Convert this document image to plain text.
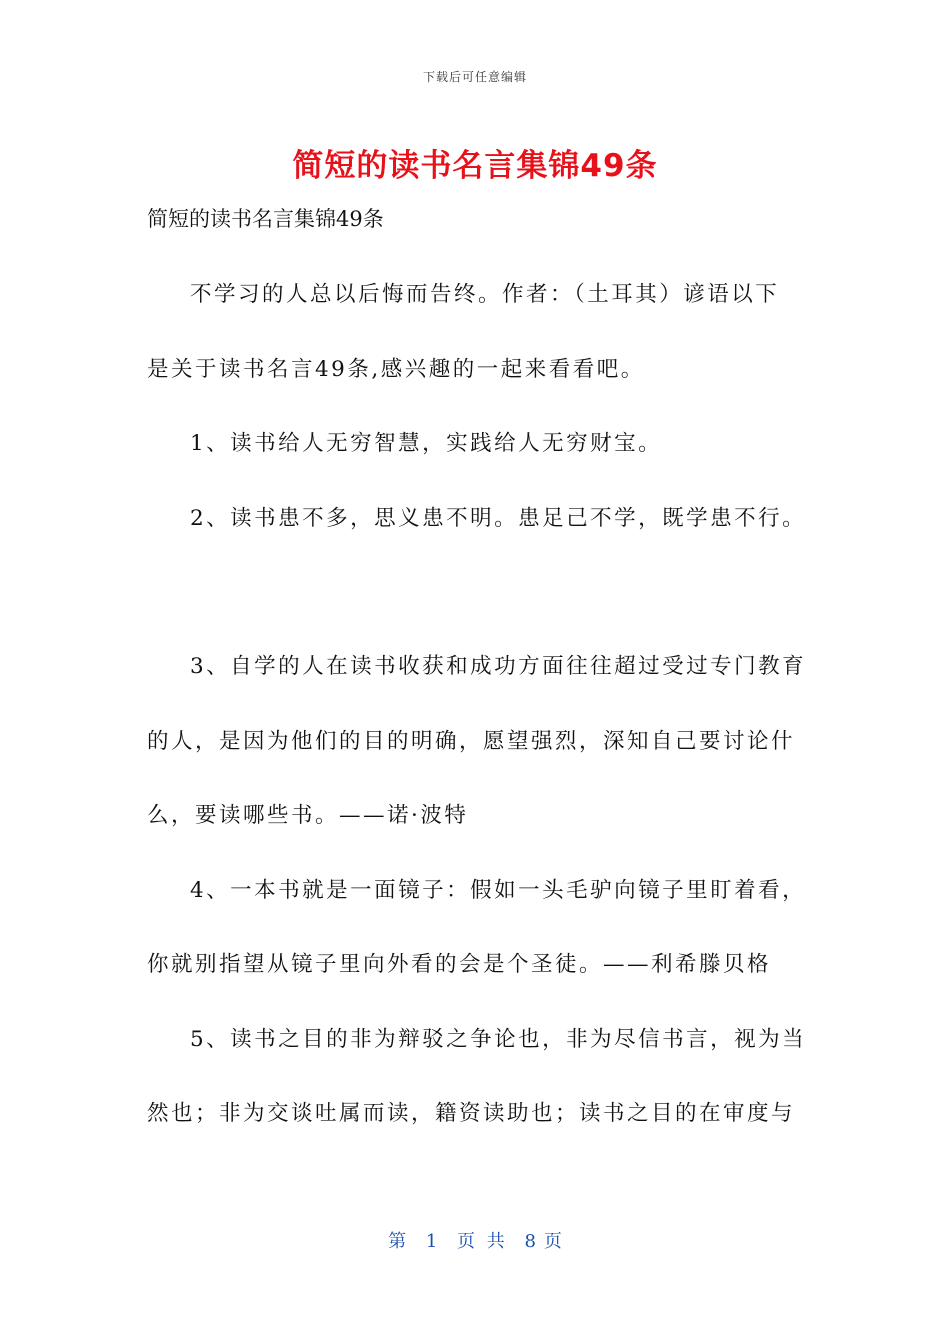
下载后可任意编辑
简短的读书名言集锦49条
简短的读书名言集锦49条
不学习的人总以后悔而告终。作者：（土耳其）谚语以下
是关于读书名言49条,感兴趣的一起来看看吧。
1、读书给人无穷智慧，实践给人无穷财宝。
2、读书患不多，思义患不明。患足己不学，既学患不行。
3、自学的人在读书收获和成功方面往往超过受过专门教育
的人，是因为他们的目的明确，愿望强烈，深知自己要讨论什
么，要读哪些书。——诺·波特
4、一本书就是一面镜子：假如一头毛驴向镜子里盯着看，
你就别指望从镜子里向外看的会是个圣徒。——利希滕贝格
5、读书之目的非为辩驳之争论也，非为尽信书言，视为当
然也；非为交谈吐属而读，籍资读助也；读书之目的在审度与
第 1 页 共 8 页
